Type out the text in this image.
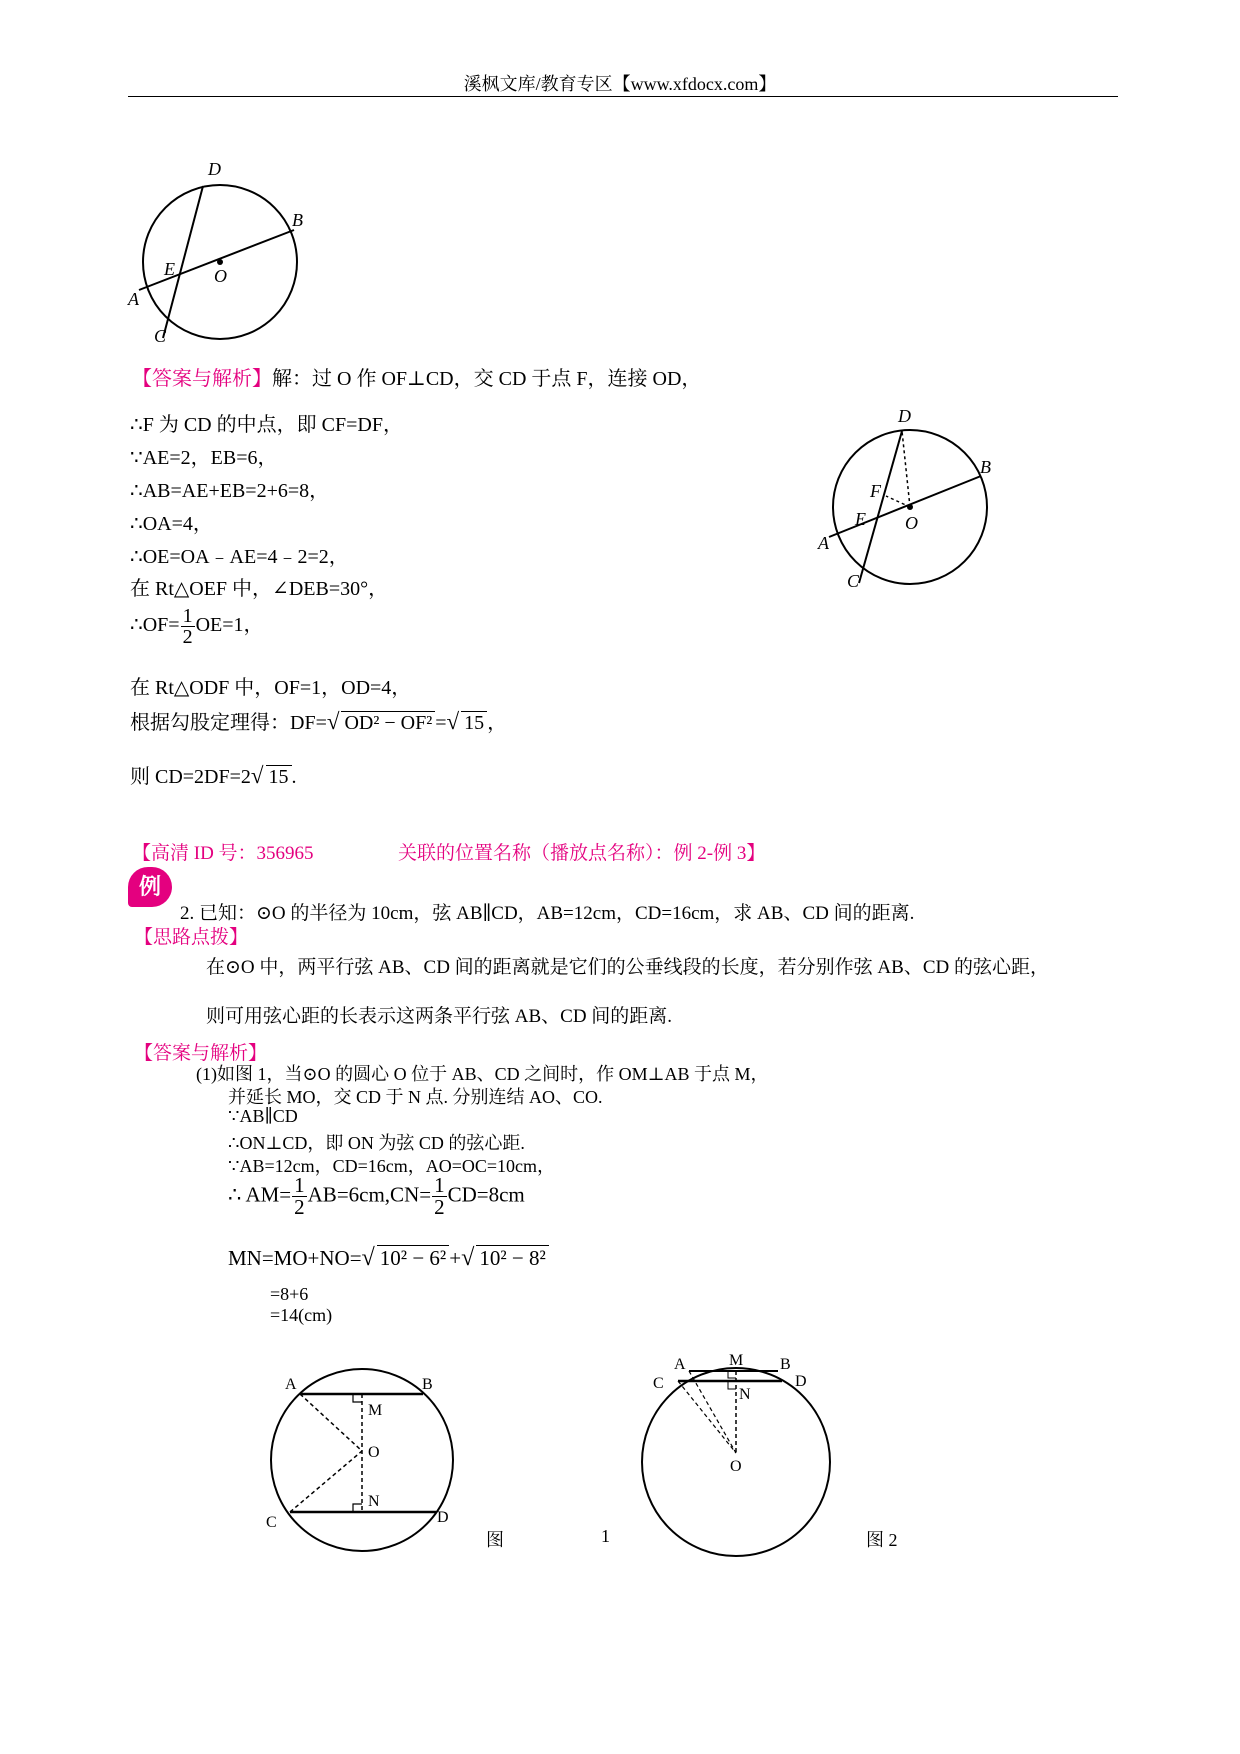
溪枫文库/教育专区【www.xfdocx.com】
D
B
E O
A
C
D
B
F
E O
A
C
【答案与解析】解：过 O 作 OF⊥CD，交 CD 于点 F，连接 OD，
∴F 为 CD 的中点，即 CF=DF，
∵AE=2，EB=6，
∴AB=AE+EB=2+6=8，
∴OA=4，
∴OE=OA﹣AE=4﹣2=2，
在 Rt△OEF 中，∠DEB=30°，
∴OF= $\frac{1}{2} OE=1$，
在 Rt△ODF 中，OF=1，OD=4，
根据勾股定理得：DF=√ OD² − OF² =√ 15 ，
则 CD=2DF=2√ 15 .
【高清 ID 号：356965	关联的位置名称（播放点名称）：例 2-例 3】
例
2. 已知：⊙O 的半径为 10cm，弦 AB∥CD，AB=12cm，CD=16cm，求 AB、CD 间的距离.
【思路点拨】
在⊙O 中，两平行弦 AB、CD 间的距离就是它们的公垂线段的长度，若分别作弦 AB、CD 的弦心距，
则可用弦心距的长表示这两条平行弦 AB、CD 间的距离.
【答案与解析】
(1)如图 1，当⊙O 的圆心 O 位于 AB、CD 之间时，作 OM⊥AB 于点 M，
并延长 MO，交 CD 于 N 点. 分别连结 AO、CO.
∵AB∥CD
∴ON⊥CD，即 ON 为弦 CD 的弦心距.
∵AB=12cm，CD=16cm，AO=OC=10cm，
∴ $AM= \frac{1}{2} AB=6cm,CN= \frac{1}{2} CD=8cm$
MN=MO+NO=√ 10² − 6² +√ 10² − 8²
=8+6
=14(cm)
A	B
M
O
N
C	D
图	1
A	M B
C	D
N
O
图 2
